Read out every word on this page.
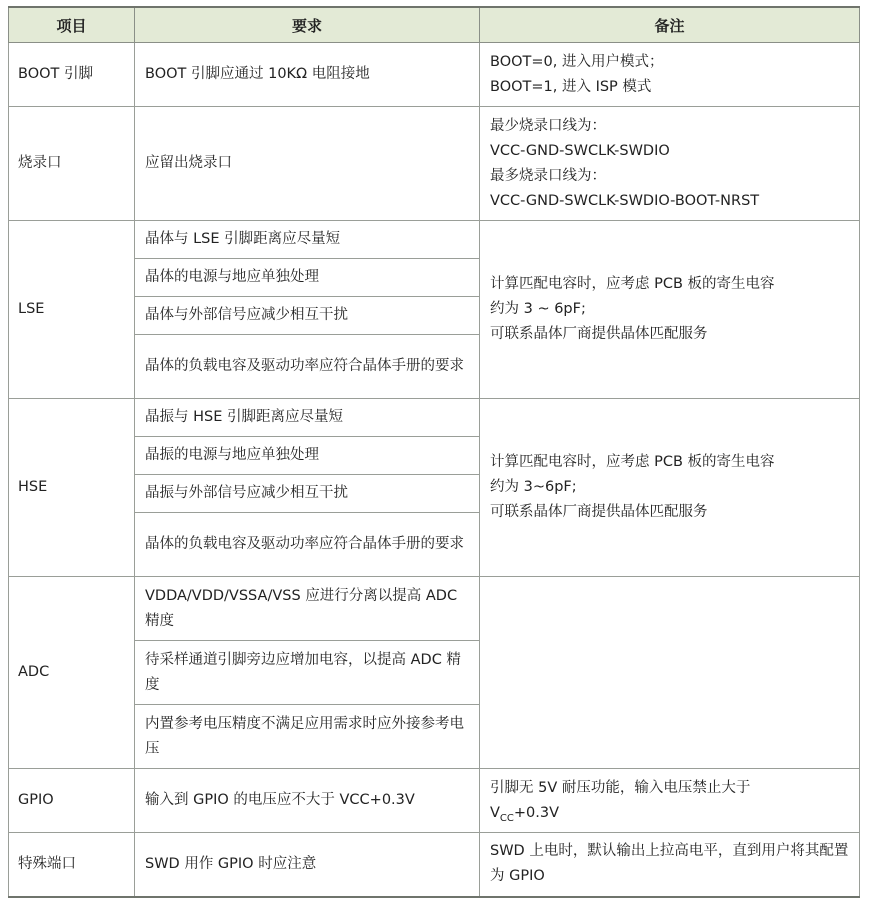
项目	要求	备注
BOOT 引脚	BOOT 引脚应通过 10KΩ 电阻接地	BOOT=0, 进入用户模式；
BOOT=1, 进入 ISP 模式

烧录口	应留出烧录口	最少烧录口线为：
VCC-GND-SWCLK-SWDIO
最多烧录口线为：
VCC-GND-SWCLK-SWDIO-BOOT-NRST

LSE	晶体与 LSE 引脚距离应尽量短	计算匹配电容时，应考虑 PCB 板的寄生电容
约为 3 ~ 6pF;
可联系晶体厂商提供晶体匹配服务

	晶体的电源与地应单独处理	
	晶体与外部信号应减少相互干扰	
	晶体的负载电容及驱动功率应符合晶体手册的要求	
HSE	晶振与 HSE 引脚距离应尽量短	计算匹配电容时，应考虑 PCB 板的寄生电容
约为 3~6pF;
可联系晶体厂商提供晶体匹配服务

	晶振的电源与地应单独处理	
	晶振与外部信号应减少相互干扰	
	晶体的负载电容及驱动功率应符合晶体手册的要求	
ADC	VDDA/VDD/VSSA/VSS 应进行分离以提高 ADC 精度	
	待采样通道引脚旁边应增加电容，以提高 ADC 精度	
	内置参考电压精度不满足应用需求时应外接参考电压	
GPIO	输入到 GPIO 的电压应不大于 VCC+0.3V	引脚无 5V 耐压功能，输入电压禁止大于
$V_{CC}+0.3V$

特殊端口	SWD 用作 GPIO 时应注意	SWD 上电时，默认输出上拉高电平，直到用户将其配置为 GPIO
